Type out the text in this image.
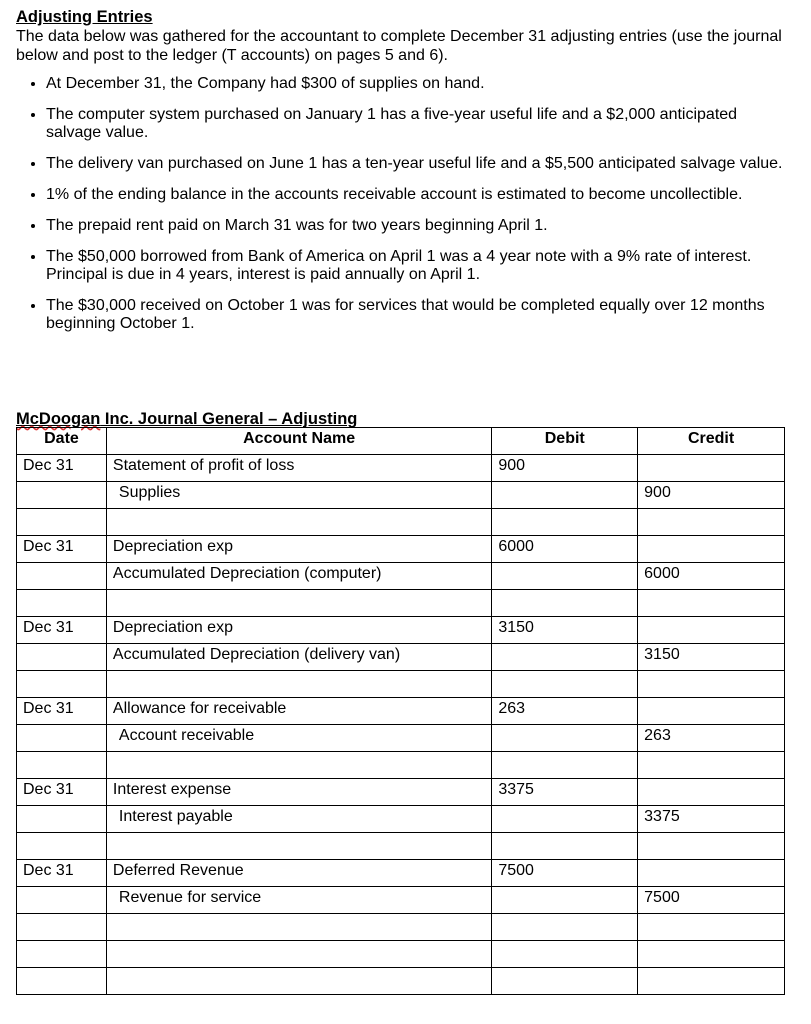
Adjusting Entries

The data below was gathered for the accountant to complete December 31 adjusting entries (use the journal below and post to the ledger (T accounts) on pages 5 and 6).

• At December 31, the Company had $300 of supplies on hand.
• The computer system purchased on January 1 has a five-year useful life and a $2,000 anticipated salvage value.
• The delivery van purchased on June 1 has a ten-year useful life and a $5,500 anticipated salvage value.
• 1% of the ending balance in the accounts receivable account is estimated to become uncollectible.
• The prepaid rent paid on March 31 was for two years beginning April 1.
• The $50,000 borrowed from Bank of America on April 1 was a 4 year note with a 9% rate of interest. Principal is due in 4 years, interest is paid annually on April 1.
• The $30,000 received on October 1 was for services that would be completed equally over 12 months beginning October 1.

McDoogan Inc. Journal General – Adjusting

Date	Account Name	Debit	Credit
Dec 31	Statement of profit of loss	900	
	Supplies		900

Dec 31	Depreciation exp	6000	
	Accumulated Depreciation (computer)		6000

Dec 31	Depreciation exp	3150	
	Accumulated Depreciation (delivery van)		3150

Dec 31	Allowance for receivable	263	
	Account receivable		263

Dec 31	Interest expense	3375	
	Interest payable		3375

Dec 31	Deferred Revenue	7500	
	Revenue for service		7500
